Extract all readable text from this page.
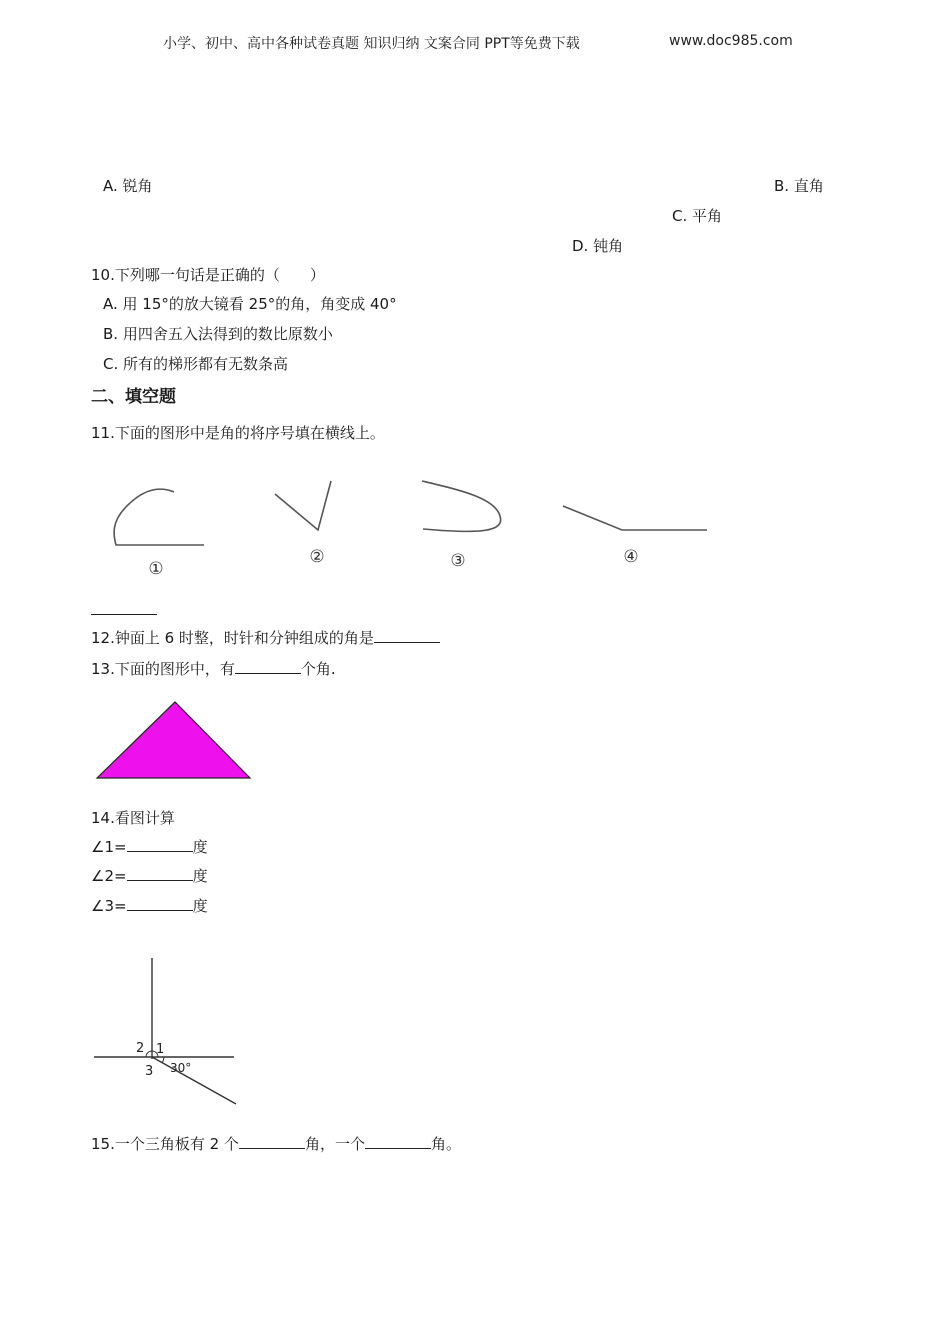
小学、初中、高中各种试卷真题 知识归纳 文案合同 PPT等免费下载	www.doc985.com
A. 锐角	B. 直角
C. 平角
D. 钝角
10.下列哪一句话是正确的（　　）
A. 用 15°的放大镜看 25°的角，角变成 40°
B. 用四舍五入法得到的数比原数小
C. 所有的梯形都有无数条高
二、填空题
11.下面的图形中是角的将序号填在横线上。
①
②	③	④
12.钟面上 6 时整，时针和分钟组成的角是
13.下面的图形中，有	个角.
14.看图计算
∠1=	度
∠2=	度
∠3=	度
2 1
3 30°
15.一个三角板有 2 个	角，一个	角。
